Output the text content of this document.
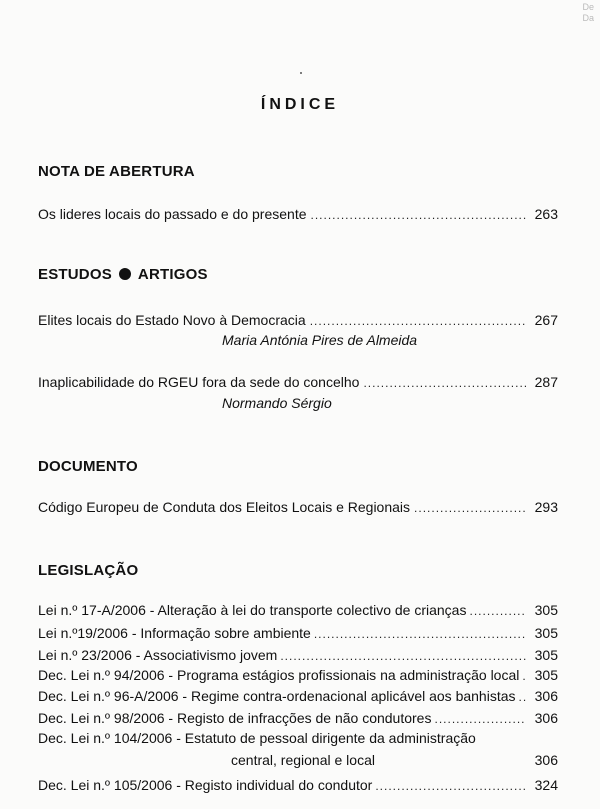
De
Da
ÍNDICE
NOTA DE ABERTURA
Os lideres locais do passado e do presente .....	263
ESTUDOS ARTIGOS
Elites locais do Estado Novo à Democracia .....	267
Maria Antónia Pires de Almeida
Inaplicabilidade do RGEU fora da sede do concelho .....	287
Normando Sérgio
DOCUMENTO
Código Europeu de Conduta dos Eleitos Locais e Regionais .....	293
LEGISLAÇÃO
Lei n.º 17-A/2006 - Alteração à lei do transporte colectivo de crianças .....	305
Lei n.º19/2006 - Informação sobre ambiente .....	305
Lei n.º 23/2006 - Associativismo jovem .....	305
Dec. Lei n.º 94/2006 - Programa estágios profissionais na administração local ..... 305
Dec. Lei n.º 96-A/2006 - Regime contra-ordenacional aplicável aos banhistas ..... 306
Dec. Lei n.º 98/2006 - Registo de infracções de não condutores .....	306
Dec. Lei n.º 104/2006 - Estatuto de pessoal dirigente da administração
central, regional e local	306
Dec. Lei n.º 105/2006 - Registo individual do condutor .....	324
